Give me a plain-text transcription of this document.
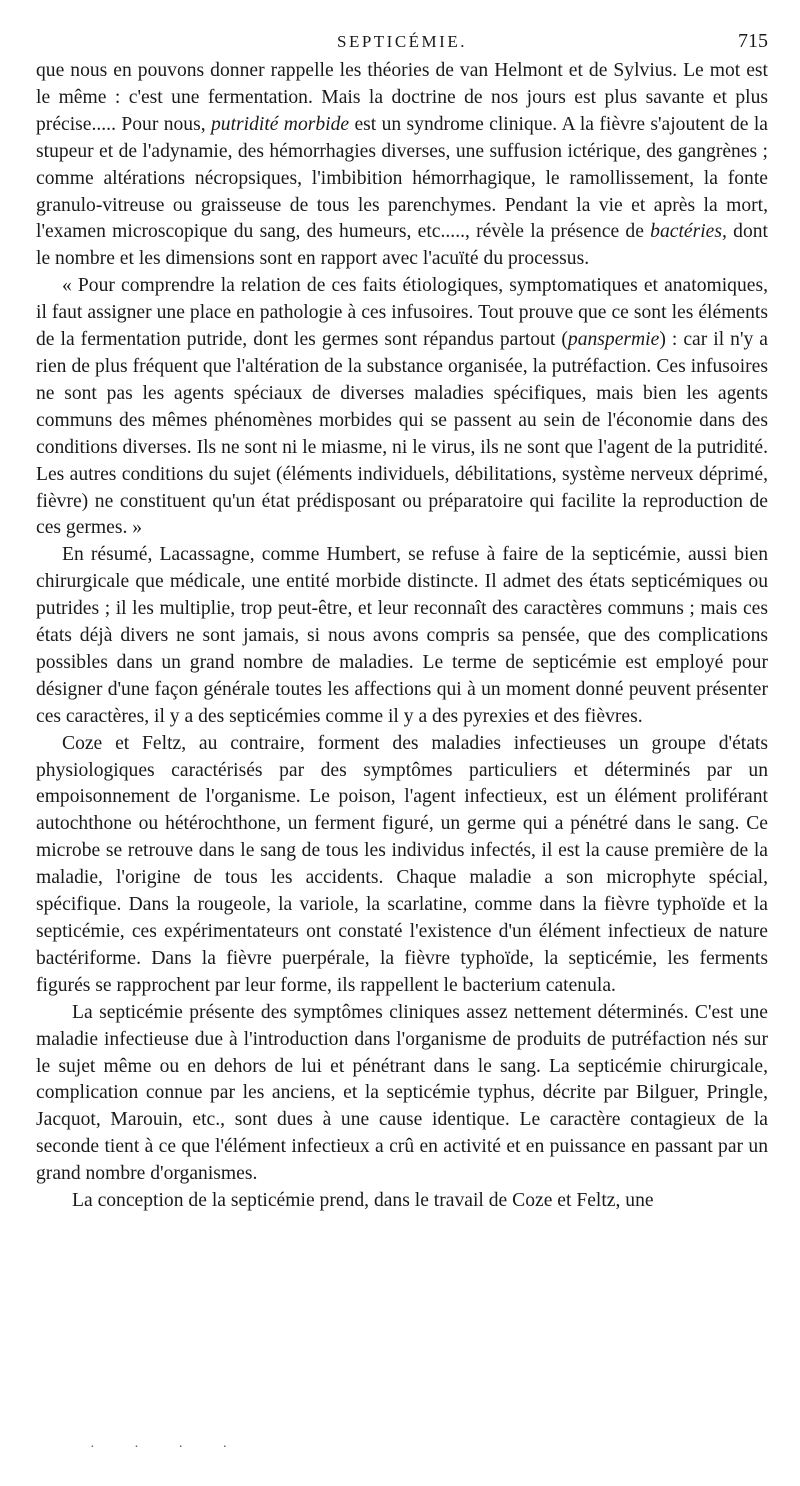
SEPTICÉMIE.	715

que nous en pouvons donner rappelle les théories de van Helmont et de Sylvius. Le mot est le même : c'est une fermentation. Mais la doctrine de nos jours est plus savante et plus précise..... Pour nous, putridité morbide est un syndrome clinique. A la fièvre s'ajoutent de la stupeur et de l'adynamie, des hémorrhagies diverses, une suffusion ictérique, des gangrènes ; comme altérations nécropsiques, l'imbibition hémorrhagique, le ramollissement, la fonte granulo-vitreuse ou graisseuse de tous les parenchymes. Pendant la vie et après la mort, l'examen microscopique du sang, des humeurs, etc....., révèle la présence de bactéries, dont le nombre et les dimensions sont en rapport avec l'acuïté du processus.

« Pour comprendre la relation de ces faits étiologiques, symptomatiques et anatomiques, il faut assigner une place en pathologie à ces infusoires. Tout prouve que ce sont les éléments de la fermentation putride, dont les germes sont répandus partout (panspermie) : car il n'y a rien de plus fréquent que l'altération de la substance organisée, la putréfaction. Ces infusoires ne sont pas les agents spéciaux de diverses maladies spécifiques, mais bien les agents communs des mêmes phénomènes morbides qui se passent au sein de l'économie dans des conditions diverses. Ils ne sont ni le miasme, ni le virus, ils ne sont que l'agent de la putridité. Les autres conditions du sujet (éléments individuels, débilitations, système nerveux déprimé, fièvre) ne constituent qu'un état prédisposant ou préparatoire qui facilite la reproduction de ces germes. »

En résumé, Lacassagne, comme Humbert, se refuse à faire de la septicémie, aussi bien chirurgicale que médicale, une entité morbide distincte. Il admet des états septicémiques ou putrides ; il les multiplie, trop peut-être, et leur reconnaît des caractères communs ; mais ces états déjà divers ne sont jamais, si nous avons compris sa pensée, que des complications possibles dans un grand nombre de maladies. Le terme de septicémie est employé pour désigner d'une façon générale toutes les affections qui à un moment donné peuvent présenter ces caractères, il y a des septicémies comme il y a des pyrexies et des fièvres.

Coze et Feltz, au contraire, forment des maladies infectieuses un groupe d'états physiologiques caractérisés par des symptômes particuliers et déterminés par un empoisonnement de l'organisme. Le poison, l'agent infectieux, est un élément proliférant autochthone ou hétérochthone, un ferment figuré, un germe qui a pénétré dans le sang. Ce microbe se retrouve dans le sang de tous les individus infectés, il est la cause première de la maladie, l'origine de tous les accidents. Chaque maladie a son microphyte spécial, spécifique. Dans la rougeole, la variole, la scarlatine, comme dans la fièvre typhoïde et la septicémie, ces expérimentateurs ont constaté l'existence d'un élément infectieux de nature bactériforme. Dans la fièvre puerpérale, la fièvre typhoïde, la septicémie, les ferments figurés se rapprochent par leur forme, ils rappellent le bacterium catenula.

La septicémie présente des symptômes cliniques assez nettement déterminés. C'est une maladie infectieuse due à l'introduction dans l'organisme de produits de putréfaction nés sur le sujet même ou en dehors de lui et pénétrant dans le sang. La septicémie chirurgicale, complication connue par les anciens, et la septicémie typhus, décrite par Bilguer, Pringle, Jacquot, Marouin, etc., sont dues à une cause identique. Le caractère contagieux de la seconde tient à ce que l'élément infectieux a crû en activité et en puissance en passant par un grand nombre d'organismes.

La conception de la septicémie prend, dans le travail de Coze et Feltz, une

· · · ·
